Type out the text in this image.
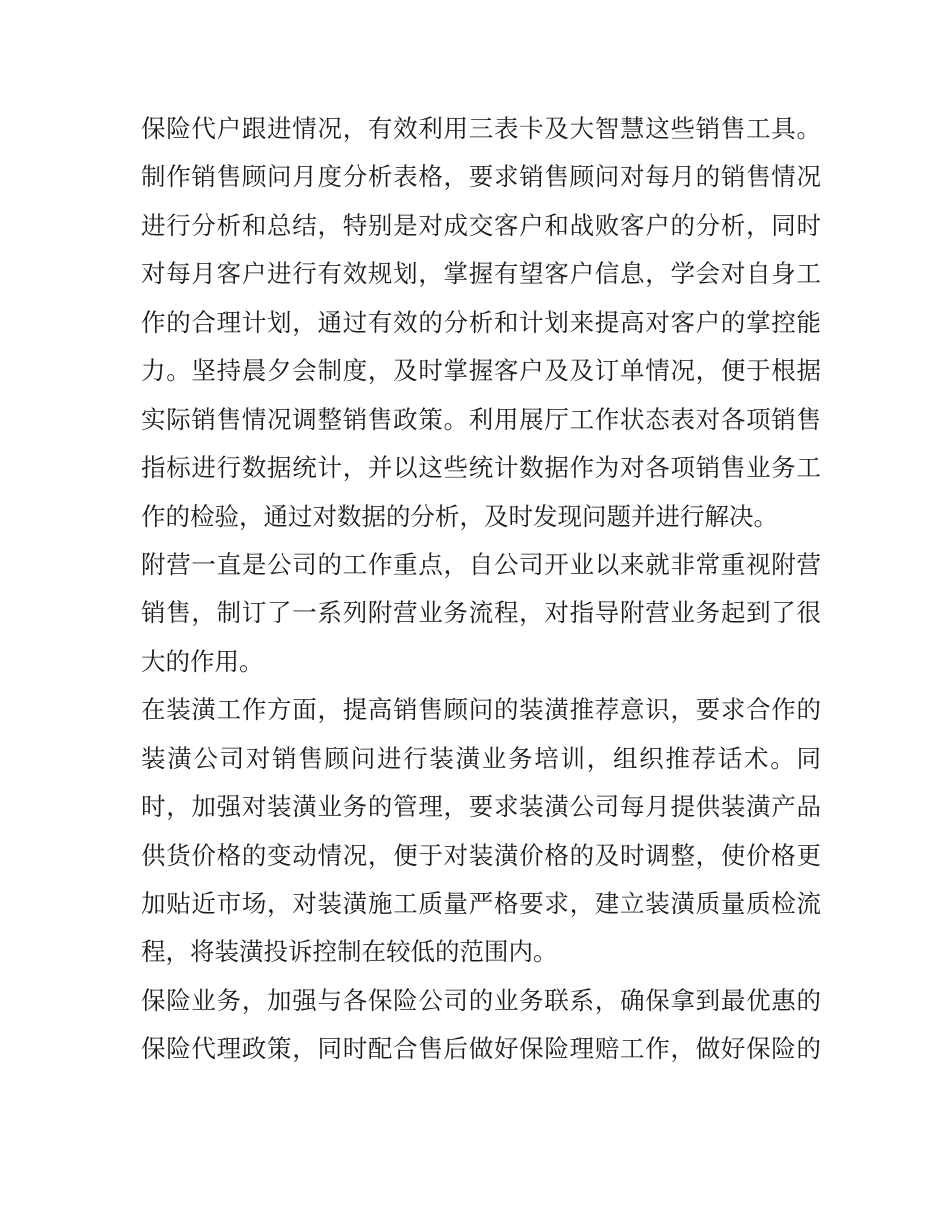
保险代户跟进情况，有效利用三表卡及大智慧这些销售工具。
制作销售顾问月度分析表格，要求销售顾问对每月的销售情况
进行分析和总结，特别是对成交客户和战败客户的分析，同时
对每月客户进行有效规划，掌握有望客户信息，学会对自身工
作的合理计划，通过有效的分析和计划来提高对客户的掌控能
力。坚持晨夕会制度，及时掌握客户及及订单情况，便于根据
实际销售情况调整销售政策。利用展厅工作状态表对各项销售
指标进行数据统计，并以这些统计数据作为对各项销售业务工
作的检验，通过对数据的分析，及时发现问题并进行解决。
附营一直是公司的工作重点，自公司开业以来就非常重视附营
销售，制订了一系列附营业务流程，对指导附营业务起到了很
大的作用。
在装潢工作方面，提高销售顾问的装潢推荐意识，要求合作的
装潢公司对销售顾问进行装潢业务培训，组织推荐话术。同
时，加强对装潢业务的管理，要求装潢公司每月提供装潢产品
供货价格的变动情况，便于对装潢价格的及时调整，使价格更
加贴近市场，对装潢施工质量严格要求，建立装潢质量质检流
程，将装潢投诉控制在较低的范围内。
保险业务，加强与各保险公司的业务联系，确保拿到最优惠的
保险代理政策，同时配合售后做好保险理赔工作，做好保险的
